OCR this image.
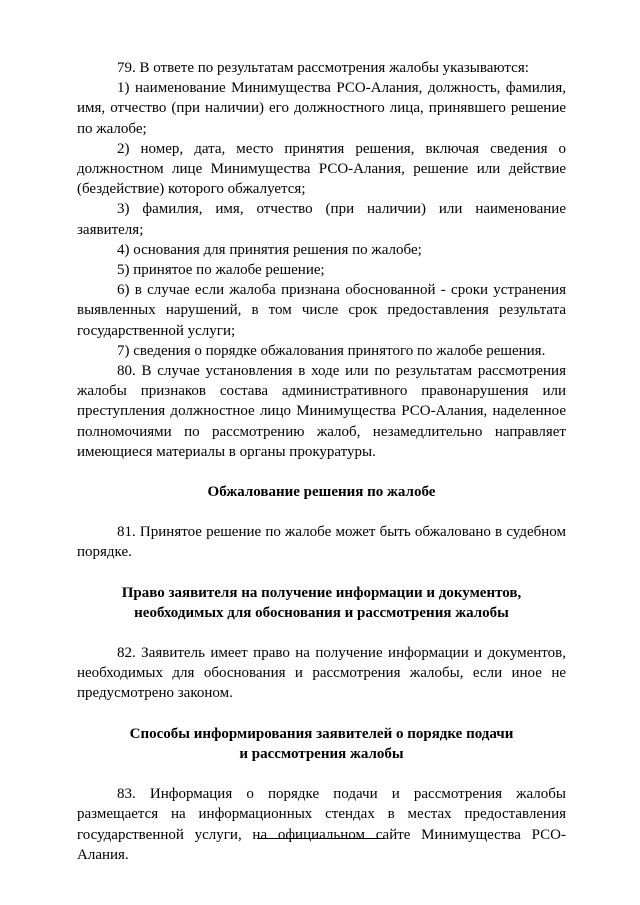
79. В ответе по результатам рассмотрения жалобы указываются:

1) наименование Минимущества РСО-Алания, должность, фамилия, имя, отчество (при наличии) его должностного лица, принявшего решение по жалобе;

2) номер, дата, место принятия решения, включая сведения о должностном лице Минимущества РСО-Алания, решение или действие (бездействие) которого обжалуется;

3) фамилия, имя, отчество (при наличии) или наименование заявителя;

4) основания для принятия решения по жалобе;

5) принятое по жалобе решение;

6) в случае если жалоба признана обоснованной - сроки устранения выявленных нарушений, в том числе срок предоставления результата государственной услуги;

7) сведения о порядке обжалования принятого по жалобе решения.

80. В случае установления в ходе или по результатам рассмотрения жалобы признаков состава административного правонарушения или преступления должностное лицо Минимущества РСО-Алания, наделенное полномочиями по рассмотрению жалоб, незамедлительно направляет имеющиеся материалы в органы прокуратуры.

Обжалование решения по жалобе

81. Принятое решение по жалобе может быть обжаловано в судебном порядке.

Право заявителя на получение информации и документов,
необходимых для обоснования и рассмотрения жалобы

82. Заявитель имеет право на получение информации и документов, необходимых для обоснования и рассмотрения жалобы, если иное не предусмотрено законом.

Способы информирования заявителей о порядке подачи
и рассмотрения жалобы

83. Информация о порядке подачи и рассмотрения жалобы размещается на информационных стендах в местах предоставления государственной услуги, на официальном сайте Минимущества РСО-Алания.
